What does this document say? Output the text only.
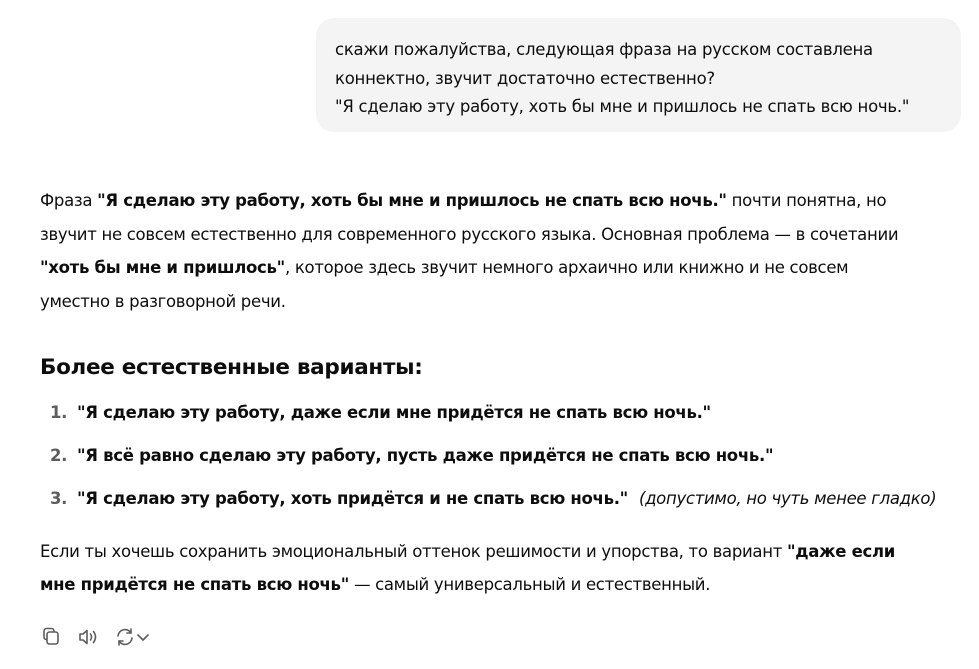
скажи пожалуйства, следующая фраза на русском составлена
коннектно, звучит достаточно естественно?
"Я сделаю эту работу, хоть бы мне и пришлось не спать всю ночь."
Фраза "Я сделаю эту работу, хоть бы мне и пришлось не спать всю ночь." почти понятна, но
звучит не совсем естественно для современного русского языка. Основная проблема — в сочетании
"хоть бы мне и пришлось", которое здесь звучит немного архаично или книжно и не совсем
уместно в разговорной речи.
Более естественные варианты:
1. "Я сделаю эту работу, даже если мне придётся не спать всю ночь."
2. "Я всё равно сделаю эту работу, пусть даже придётся не спать всю ночь."
3. "Я сделаю эту работу, хоть придётся и не спать всю ночь." (допустимо, но чуть менее гладко)
Если ты хочешь сохранить эмоциональный оттенок решимости и упорства, то вариант "даже если
мне придётся не спать всю ночь" — самый универсальный и естественный.
